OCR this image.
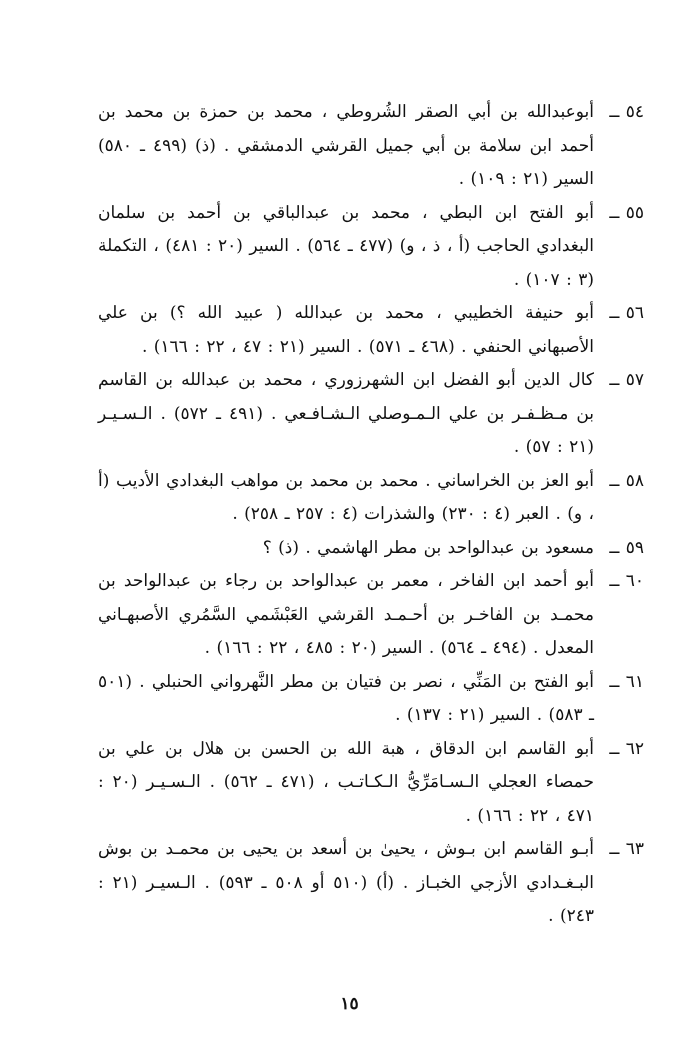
٥٤ ــ
أبوعبدالله بن أبي الصقر الشُروطي ، محمد بن حمزة بن محمد بن أحمد ابن سلامة بن أبي جميل القرشي الدمشقي . (ذ) (٤٩٩ ـ ٥٨٠) السير (٢١ : ١٠٩) .

٥٥ ــ
أبو الفتح ابن البطي ، محمد بن عبدالباقي بن أحمد بن سلمان البغدادي الحاجب (أ ، ذ ، و) (٤٧٧ ـ ٥٦٤) . السير (٢٠ : ٤٨١) ، التكملة (٣ : ١٠٧) .

٥٦ ــ
أبو حنيفة الخطيبي ، محمد بن عبدالله ( عبيد الله ؟) بن علي الأصبهاني الحنفي . (٤٦٨ ـ ٥٧١) . السير (٢١ : ٤٧ ، ٢٢ : ١٦٦) .

٥٧ ــ
كال الدين أبو الفضل ابن الشهرزوري ، محمد بن عبدالله بن القاسم بن مـظـفـر بن علي الـمـوصلي الـشـافـعي . (٤٩١ ـ ٥٧٢) . الـسـيـر (٢١ : ٥٧) .

٥٨ ــ
أبو العز بن الخراساني . محمد بن محمد بن مواهب البغدادي الأديب (أ ، و) . العبر (٤ : ٢٣٠) والشذرات (٤ : ٢٥٧ ـ ٢٥٨) .

٥٩ ــ
مسعود بن عبدالواحد بن مطر الهاشمي . (ذ) ؟

٦٠ ــ
أبو أحمد ابن الفاخر ، معمر بن عبدالواحد بن رجاء بن عبدالواحد بن محمـد بن الفاخـر بن أحـمـد القرشي العَبْشَمي السَّمُري الأصبهـاني المعدل . (٤٩٤ ـ ٥٦٤) . السير (٢٠ : ٤٨٥ ، ٢٢ : ١٦٦) .

٦١ ــ
أبو الفتح بن المَنِّي ، نصر بن فتيان بن مطر النَّهرواني الحنبلي . (٥٠١ ـ ٥٨٣) . السير (٢١ : ١٣٧) .

٦٢ ــ
أبو القاسم ابن الدقاق ، هبة الله بن الحسن بن هلال بن علي بن حمصاء العجلي الـسـامَرِّيُّ الـكـاتـب ، (٤٧١ ـ ٥٦٢) . الـسـيـر (٢٠ : ٤٧١ ، ٢٢ : ١٦٦) .

٦٣ ــ
أبـو القاسم ابن بـوش ، يحيىٰ بن أسعد بن يحيى بن محمـد بن بوش البـغـدادي الأزجي الخبـاز . (أ) (٥١٠ أو ٥٠٨ ـ ٥٩٣) . الـسيـر (٢١ : ٢٤٣) .

١٥
